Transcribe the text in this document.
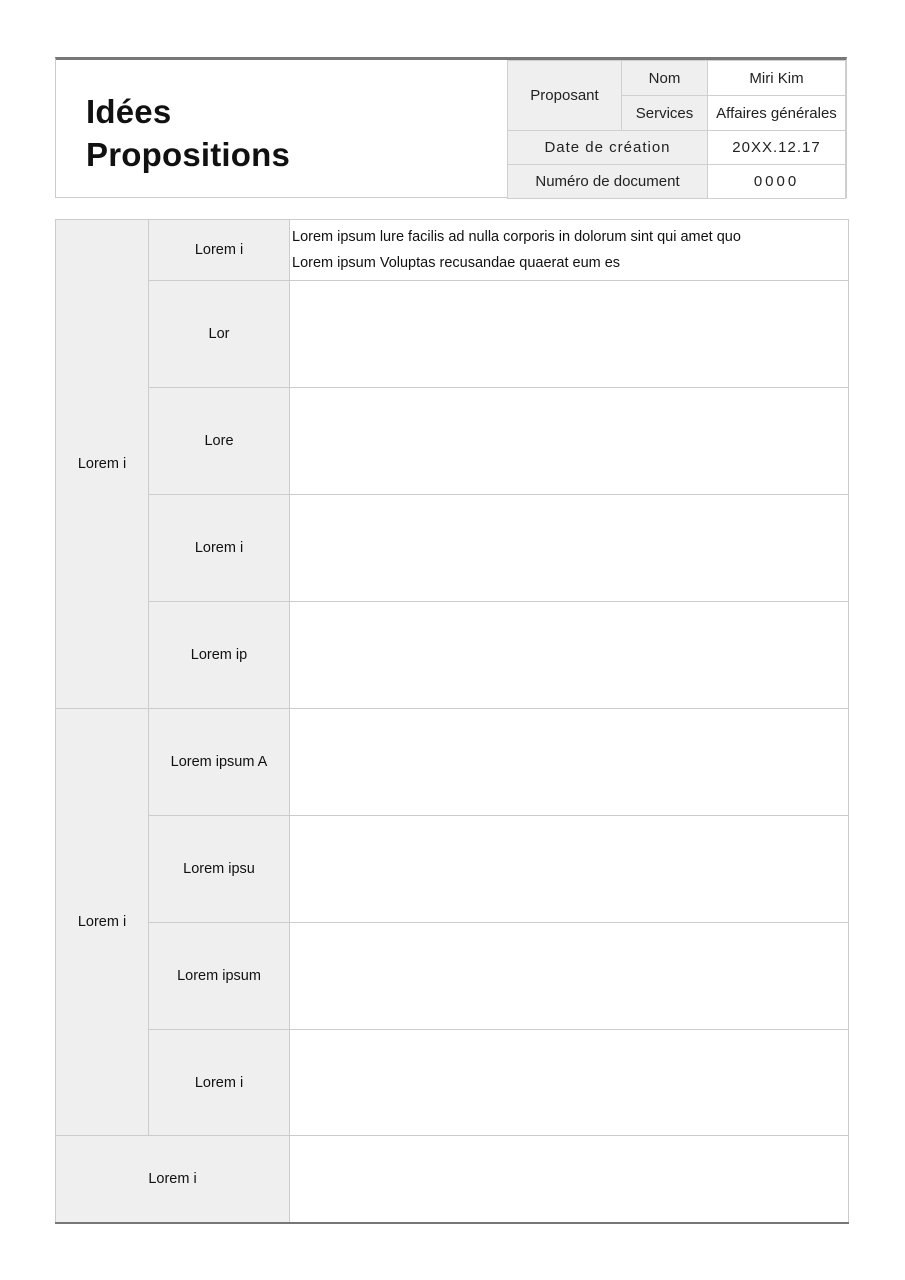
Idées
Propositions
Proposant	Nom	Miri Kim
	Services	Affaires générales
Date de création		20XX.12.17
Numéro de document		0000
Lorem i	Lorem i	Lorem ipsum lure facilis ad nulla corporis in dolorum sint qui amet quo
Lorem ipsum Voluptas recusandae quaerat eum es

	Lor	
	Lore	
	Lorem i	
	Lorem ip	
Lorem i	Lorem ipsum A	
	Lorem ipsu	
	Lorem ipsum	
	Lorem i	
Lorem i		
